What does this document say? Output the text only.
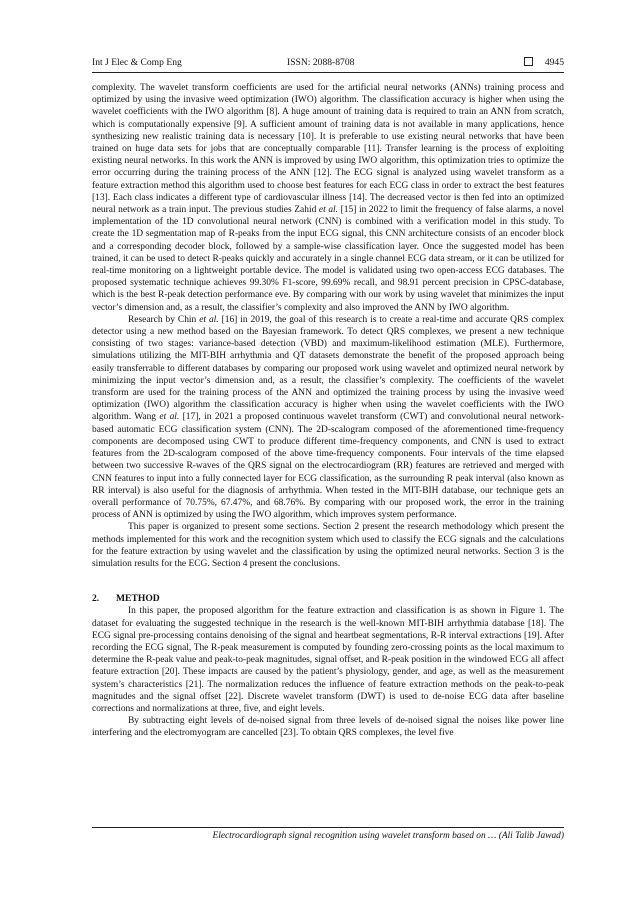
Int J Elec & Comp Eng	ISSN: 2088-8708	4945

complexity. The wavelet transform coefficients are used for the artificial neural networks (ANNs) training process and optimized by using the invasive weed optimization (IWO) algorithm. The classification accuracy is higher when using the wavelet coefficients with the IWO algorithm [8]. A huge amount of training data is required to train an ANN from scratch, which is computationally expensive [9]. A sufficient amount of training data is not available in many applications, hence synthesizing new realistic training data is necessary [10]. It is preferable to use existing neural networks that have been trained on huge data sets for jobs that are conceptually comparable [11]. Transfer learning is the process of exploiting existing neural networks. In this work the ANN is improved by using IWO algorithm, this optimization tries to optimize the error occurring during the training process of the ANN [12]. The ECG signal is analyzed using wavelet transform as a feature extraction method this algorithm used to choose best features for each ECG class in order to extract the best features [13]. Each class indicates a different type of cardiovascular illness [14]. The decreased vector is then fed into an optimized neural network as a train input. The previous studies Zahid et al. [15] in 2022 to limit the frequency of false alarms, a novel implementation of the 1D convolutional neural network (CNN) is combined with a verification model in this study. To create the 1D segmentation map of R-peaks from the input ECG signal, this CNN architecture consists of an encoder block and a corresponding decoder block, followed by a sample-wise classification layer. Once the suggested model has been trained, it can be used to detect R-peaks quickly and accurately in a single channel ECG data stream, or it can be utilized for real-time monitoring on a lightweight portable device. The model is validated using two open-access ECG databases. The proposed systematic technique achieves 99.30% F1-score, 99.69% recall, and 98.91 percent precision in CPSC-database, which is the best R-peak detection performance eve. By comparing with our work by using wavelet that minimizes the input vector’s dimension and, as a result, the classifier’s complexity and also improved the ANN by IWO algorithm.

Research by Chin et al. [16] in 2019, the goal of this research is to create a real-time and accurate QRS complex detector using a new method based on the Bayesian framework. To detect QRS complexes, we present a new technique consisting of two stages: variance-based detection (VBD) and maximum-likelihood estimation (MLE). Furthermore, simulations utilizing the MIT-BIH arrhythmia and QT datasets demonstrate the benefit of the proposed approach being easily transferrable to different databases by comparing our proposed work using wavelet and optimized neural network by minimizing the input vector’s dimension and, as a result, the classifier’s complexity. The coefficients of the wavelet transform are used for the training process of the ANN and optimized the training process by using the invasive weed optimization (IWO) algorithm the classification accuracy is higher when using the wavelet coefficients with the IWO algorithm. Wang et al. [17], in 2021 a proposed continuous wavelet transform (CWT) and convolutional neural network-based automatic ECG classification system (CNN). The 2D-scalogram composed of the aforementioned time-frequency components are decomposed using CWT to produce different time-frequency components, and CNN is used to extract features from the 2D-scalogram composed of the above time-frequency components. Four intervals of the time elapsed between two successive R-waves of the QRS signal on the electrocardiogram (RR) features are retrieved and merged with CNN features to input into a fully connected layer for ECG classification, as the surrounding R peak interval (also known as RR interval) is also useful for the diagnosis of arrhythmia. When tested in the MIT-BIH database, our technique gets an overall performance of 70.75%, 67.47%, and 68.76%. By comparing with our proposed work, the error in the training process of ANN is optimized by using the IWO algorithm, which improves system performance.

This paper is organized to present some sections. Section 2 present the research methodology which present the methods implemented for this work and the recognition system which used to classify the ECG signals and the calculations for the feature extraction by using wavelet and the classification by using the optimized neural networks. Section 3 is the simulation results for the ECG. Section 4 present the conclusions.

2. METHOD

In this paper, the proposed algorithm for the feature extraction and classification is as shown in Figure 1. The dataset for evaluating the suggested technique in the research is the well-known MIT-BIH arrhythmia database [18]. The ECG signal pre-processing contains denoising of the signal and heartbeat segmentations, R-R interval extractions [19]. After recording the ECG signal, The R-peak measurement is computed by founding zero-crossing points as the local maximum to determine the R-peak value and peak-to-peak magnitudes, signal offset, and R-peak position in the windowed ECG all affect feature extraction [20]. These impacts are caused by the patient’s physiology, gender, and age, as well as the measurement system’s characteristics [21]. The normalization reduces the influence of feature extraction methods on the peak-to-peak magnitudes and the signal offset [22]. Discrete wavelet transform (DWT) is used to de-noise ECG data after baseline corrections and normalizations at three, five, and eight levels.

By subtracting eight levels of de-noised signal from three levels of de-noised signal the noises like power line interfering and the electromyogram are cancelled [23]. To obtain QRS complexes, the level five

Electrocardiograph signal recognition using wavelet transform based on … (Ali Talib Jawad)
